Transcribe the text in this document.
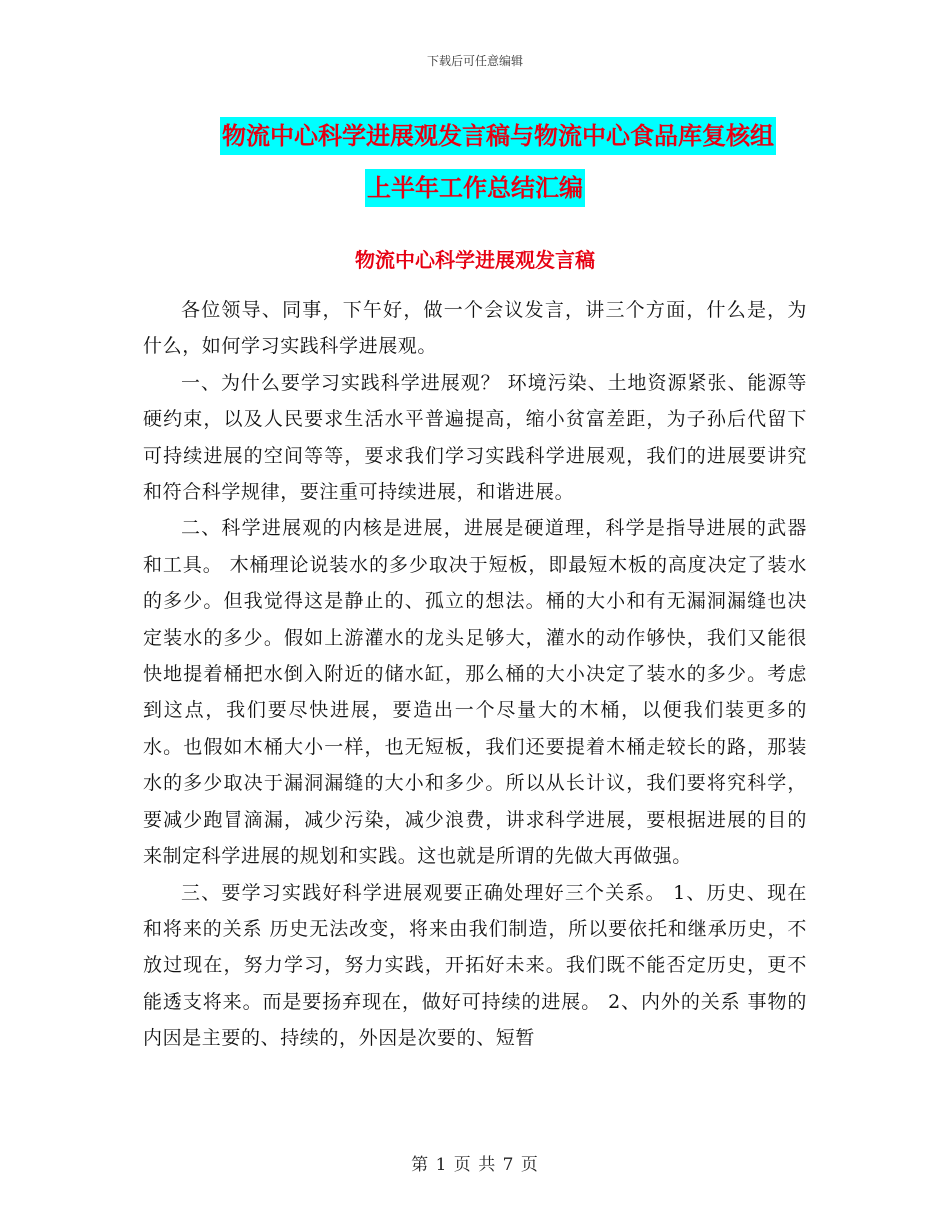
下载后可任意编辑
物流中心科学进展观发言稿与物流中心食品库复核组
上半年工作总结汇编
物流中心科学进展观发言稿

各位领导、同事，下午好，做一个会议发言，讲三个方面，什么是，为什么，如何学习实践科学进展观。

一、为什么要学习实践科学进展观？ 环境污染、土地资源紧张、能源等硬约束，以及人民要求生活水平普遍提高，缩小贫富差距，为子孙后代留下可持续进展的空间等等，要求我们学习实践科学进展观，我们的进展要讲究和符合科学规律，要注重可持续进展，和谐进展。

二、科学进展观的内核是进展，进展是硬道理，科学是指导进展的武器和工具。 木桶理论说装水的多少取决于短板，即最短木板的高度决定了装水的多少。但我觉得这是静止的、孤立的想法。桶的大小和有无漏洞漏缝也决定装水的多少。假如上游灌水的龙头足够大，灌水的动作够快，我们又能很快地提着桶把水倒入附近的储水缸，那么桶的大小决定了装水的多少。考虑到这点，我们要尽快进展，要造出一个尽量大的木桶，以便我们装更多的水。也假如木桶大小一样，也无短板，我们还要提着木桶走较长的路，那装水的多少取决于漏洞漏缝的大小和多少。所以从长计议，我们要将究科学，要减少跑冒滴漏，减少污染，减少浪费，讲求科学进展，要根据进展的目的来制定科学进展的规划和实践。这也就是所谓的先做大再做强。

三、要学习实践好科学进展观要正确处理好三个关系。 1、历史、现在和将来的关系 历史无法改变，将来由我们制造，所以要依托和继承历史，不放过现在，努力学习，努力实践，开拓好未来。我们既不能否定历史，更不能透支将来。而是要扬弃现在，做好可持续的进展。 2、内外的关系 事物的内因是主要的、持续的，外因是次要的、短暂

第 1 页 共 7 页
